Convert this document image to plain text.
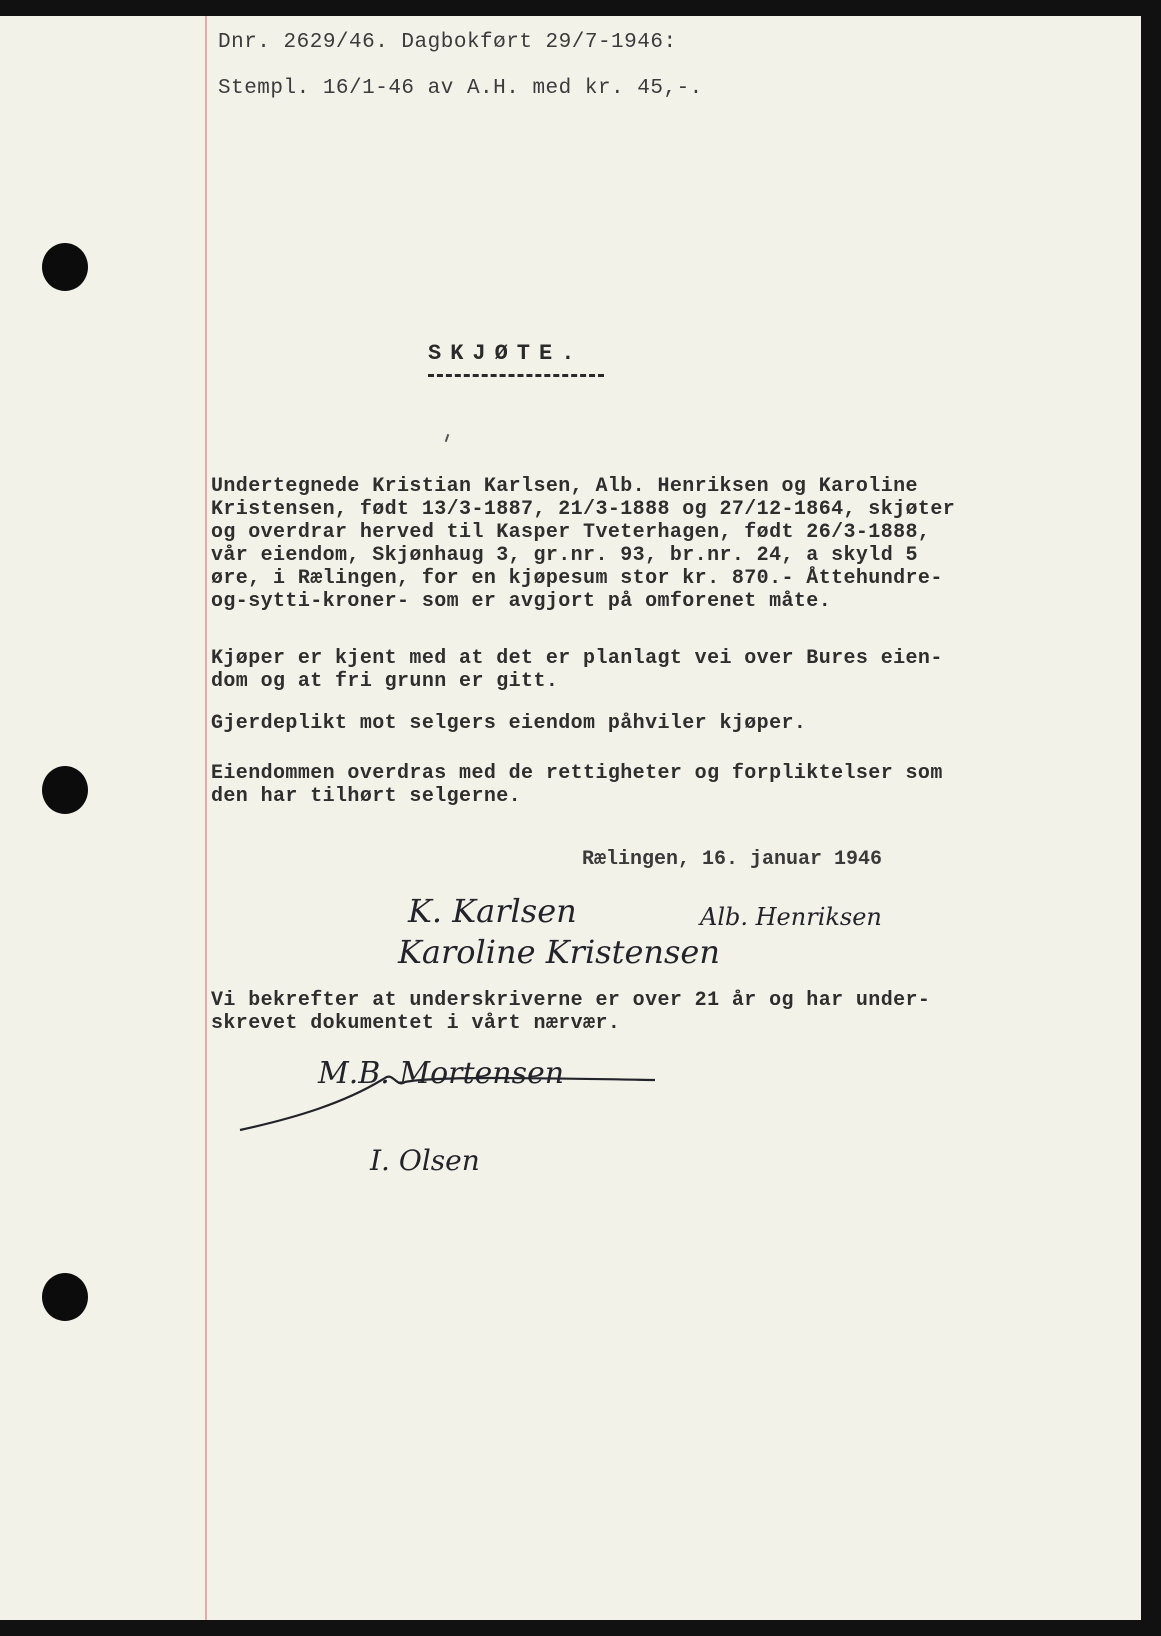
Dnr. 2629/46. Dagbokført 29/7-1946:
Stempl. 16/1-46 av A.H. med kr. 45,-.
SKJØTE.

Undertegnede Kristian Karlsen, Alb. Henriksen og Karoline
Kristensen, født 13/3-1887, 21/3-1888 og 27/12-1864, skjøter
og overdrar herved til Kasper Tveterhagen, født 26/3-1888,
vår eiendom, Skjønhaug 3, gr.nr. 93, br.nr. 24, a skyld 5
øre, i Rælingen, for en kjøpesum stor kr. 870.- Åttehundre-
og-sytti-kroner- som er avgjort på omforenet måte.

Kjøper er kjent med at det er planlagt vei over Bures eien-
dom og at fri grunn er gitt.

Gjerdeplikt mot selgers eiendom påhviler kjøper.

Eiendommen overdras med de rettigheter og forpliktelser som
den har tilhørt selgerne.

Rælingen, 16. januar 1946
K. Karlsen	Alb. Henriksen
Karoline Kristensen

Vi bekrefter at underskriverne er over 21 år og har under-
skrevet dokumentet i vårt nærvær.

M.B. Mortensen
I. Olsen
